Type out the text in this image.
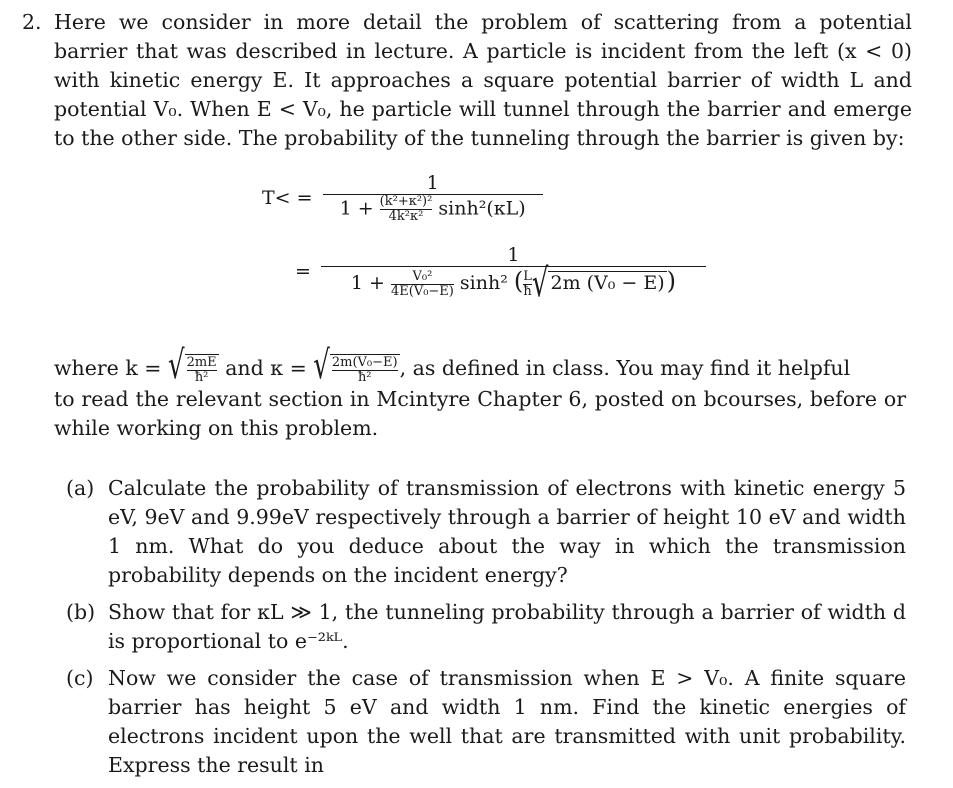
2. Here we consider in more detail the problem of scattering from a potential barrier that was described in lecture. A particle is incident from the left (x < 0) with kinetic energy E. It approaches a square potential barrier of width L and potential V₀. When E < V₀, he particle will tunnel through the barrier and emerge to the other side. The probability of the tunneling through the barrier is given by:
T< =
1
$1 + \frac{\text{(k²+κ²)²}}{\text{4k²κ²}} \sinh^2(\kappa L)$
=
1
$1 + \frac{\text{V₀²}}{\text{4E(V₀−E)}} \sinh^2$ ( $\frac{L}{ħ}$ √ 2m (V₀ − E) )
where k = √ $\frac{2mE}{\text{ħ²}}$ and κ = √ $\frac{\text{2m(V₀−E)}}{\text{ħ²}}$ , as defined in class. You may find it helpful
to read the relevant section in Mcintyre Chapter 6, posted on bcourses, before or while working on this problem.
(a) Calculate the probability of transmission of electrons with kinetic energy 5 eV, 9eV and 9.99eV respectively through a barrier of height 10 eV and width 1 nm. What do you deduce about the way in which the transmission probability depends on the incident energy?
(b) Show that for κL ≫ 1, the tunneling probability through a barrier of width d is proportional to e⁻²ᵏᴸ.
(c) Now we consider the case of transmission when E > V₀. A finite square barrier has height 5 eV and width 1 nm. Find the kinetic energies of electrons incident upon the well that are transmitted with unit probability. Express the result in
